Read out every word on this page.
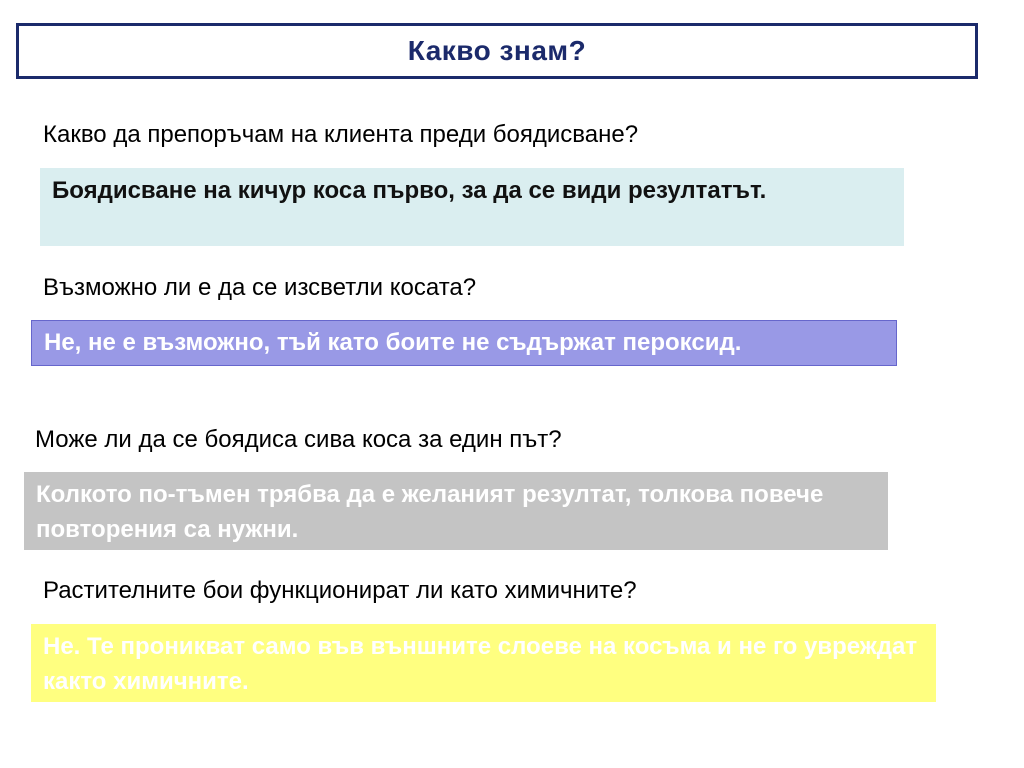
Какво знам?
Какво да препоръчам на клиента преди боядисване?
Боядисване на кичур коса първо, за да се види резултатът.
Възможно ли е да се изсветли косата?
Не, не е възможно, тъй като боите не съдържат пероксид.
Може ли да се боядиса сива коса за един път?
Колкото по-тъмен трябва да е желаният резултат, толкова повече повторения са нужни.
Растителните бои функционират ли като химичните?
Не. Те проникват само във външните слоеве на косъма и не го увреждат както химичните.
